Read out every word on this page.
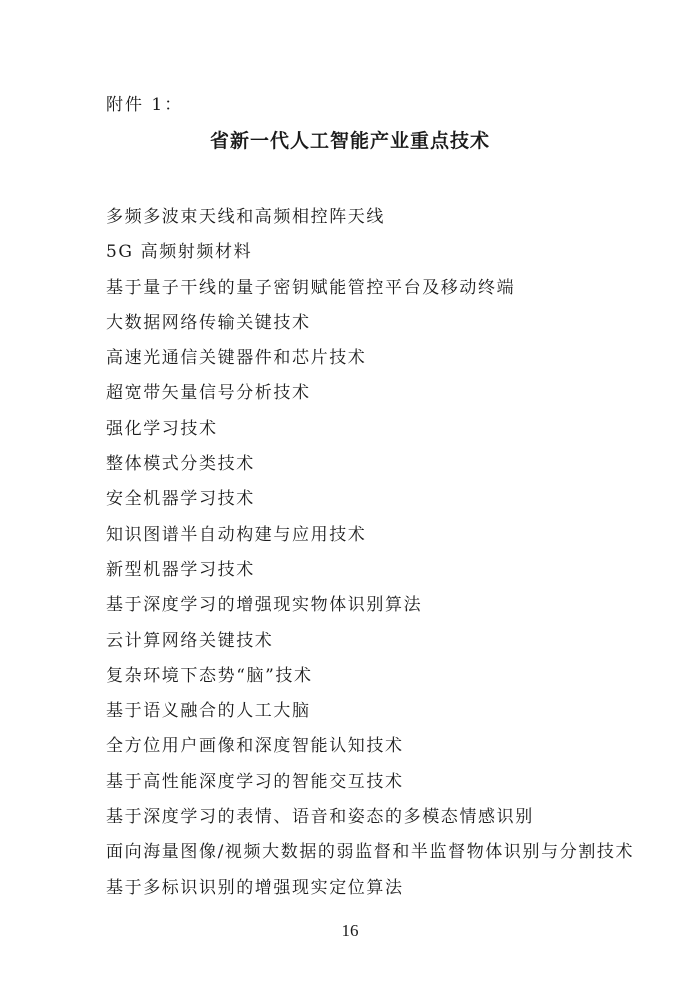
附件 1：
省新一代人工智能产业重点技术
多频多波束天线和高频相控阵天线
5G 高频射频材料
基于量子干线的量子密钥赋能管控平台及移动终端
大数据网络传输关键技术
高速光通信关键器件和芯片技术
超宽带矢量信号分析技术
强化学习技术
整体模式分类技术
安全机器学习技术
知识图谱半自动构建与应用技术
新型机器学习技术
基于深度学习的增强现实物体识别算法
云计算网络关键技术
复杂环境下态势“脑”技术
基于语义融合的人工大脑
全方位用户画像和深度智能认知技术
基于高性能深度学习的智能交互技术
基于深度学习的表情、语音和姿态的多模态情感识别
面向海量图像/视频大数据的弱监督和半监督物体识别与分割技术
基于多标识识别的增强现实定位算法
16
